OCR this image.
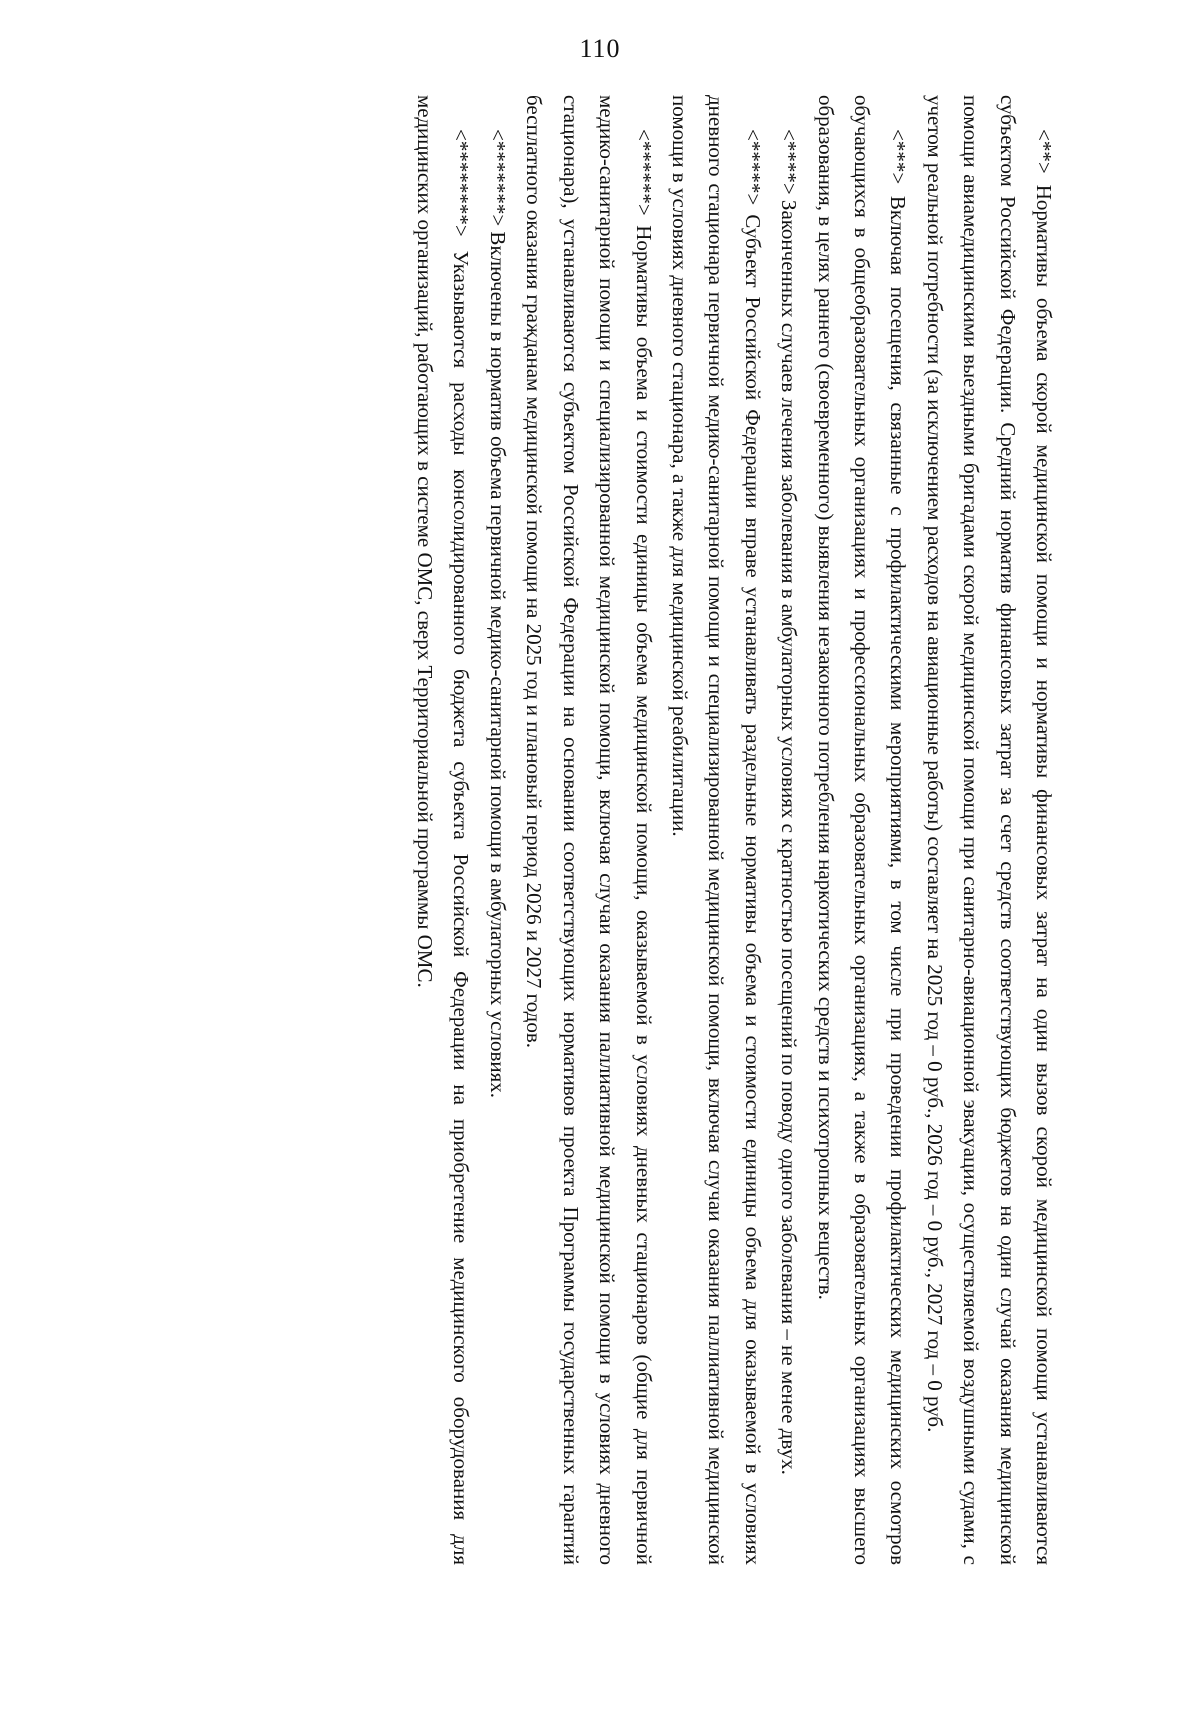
110

<**> Нормативы объема скорой медицинской помощи и нормативы финансовых затрат на один вызов скорой медицинской помощи устанавливаются субъектом Российской Федерации. Средний норматив финансовых затрат за счет средств соответствующих бюджетов на один случай оказания медицинской помощи авиамедицинскими выездными бригадами скорой медицинской помощи при санитарно-авиационной эвакуации, осуществляемой воздушными судами, с учетом реальной потребности (за исключением расходов на авиационные работы) составляет на 2025 год – 0 руб., 2026 год – 0 руб., 2027 год – 0 руб.

<***> Включая посещения, связанные с профилактическими мероприятиями, в том числе при проведении профилактических медицинских осмотров обучающихся в общеобразовательных организациях и профессиональных образовательных организациях, а также в образовательных организациях высшего образования, в целях раннего (своевременного) выявления незаконного потребления наркотических средств и психотропных веществ.

<****> Законченных случаев лечения заболевания в амбулаторных условиях с кратностью посещений по поводу одного заболевания – не менее двух.

<*****> Субъект Российской Федерации вправе устанавливать раздельные нормативы объема и стоимости единицы объема для оказываемой в условиях дневного стационара первичной медико-санитарной помощи и специализированной медицинской помощи, включая случаи оказания паллиативной медицинской помощи в условиях дневного стационара, а также для медицинской реабилитации.

<******> Нормативы объема и стоимости единицы объема медицинской помощи, оказываемой в условиях дневных стационаров (общие для первичной медико-санитарной помощи и специализированной медицинской помощи, включая случаи оказания паллиативной медицинской помощи в условиях дневного стационара), устанавливаются субъектом Российской Федерации на основании соответствующих нормативов проекта Программы государственных гарантий бесплатного оказания гражданам медицинской помощи на 2025 год и плановый период 2026 и 2027 годов.

<*******> Включены в норматив объема первичной медико-санитарной помощи в амбулаторных условиях.

<********> Указываются расходы консолидированного бюджета субъекта Российской Федерации на приобретение медицинского оборудования для медицинских организаций, работающих в системе ОМС, сверх Территориальной программы ОМС.
